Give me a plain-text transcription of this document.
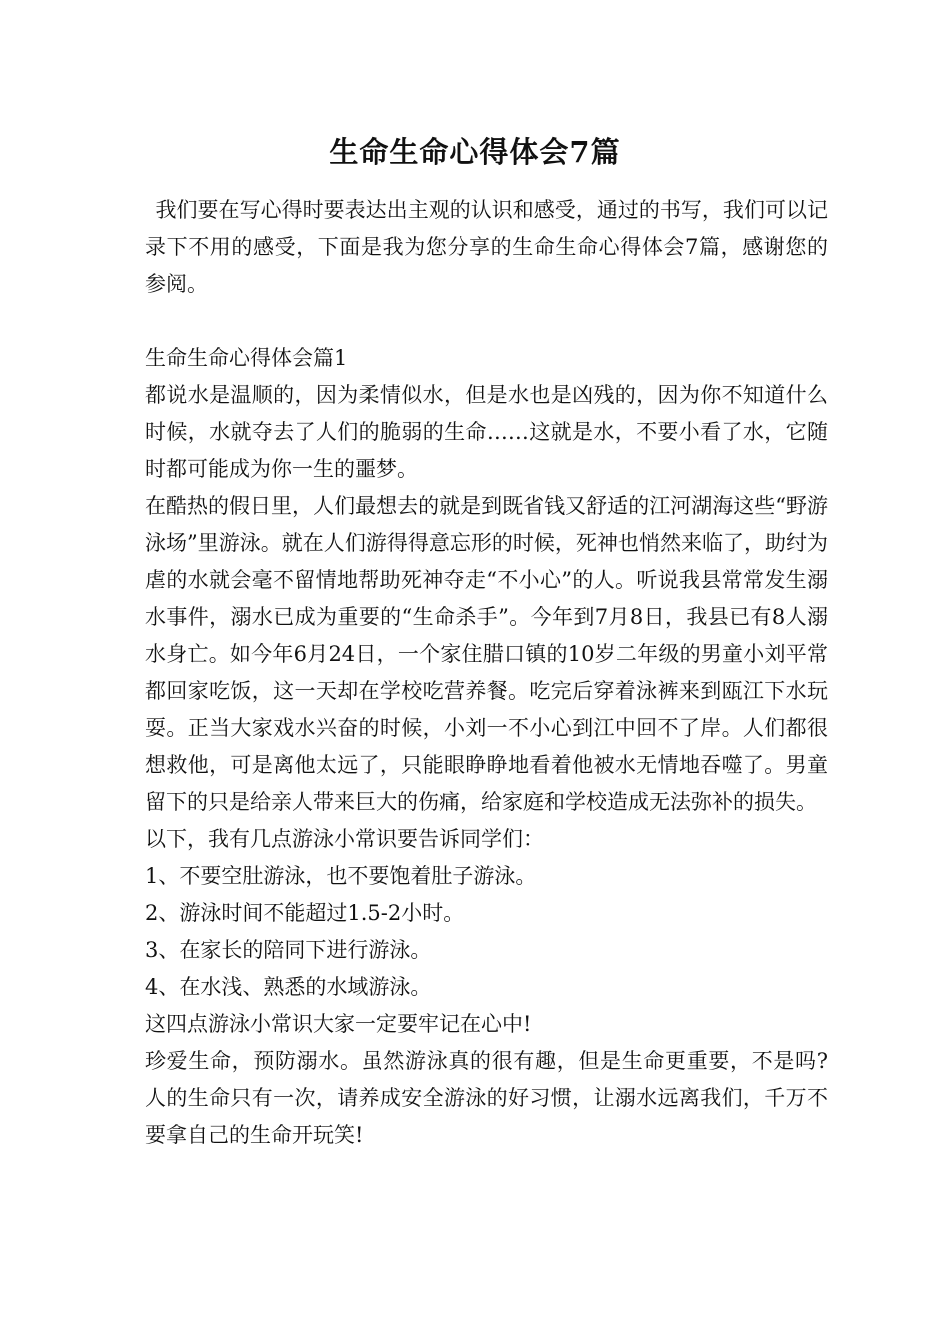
生命生命心得体会7篇

我们要在写心得时要表达出主观的认识和感受，通过的书写，我们可以记录下不用的感受，下面是我为您分享的生命生命心得体会7篇，感谢您的参阅。

生命生命心得体会篇1

都说水是温顺的，因为柔情似水，但是水也是凶残的，因为你不知道什么时候，水就夺去了人们的脆弱的生命……这就是水，不要小看了水，它随时都可能成为你一生的噩梦。

在酷热的假日里，人们最想去的就是到既省钱又舒适的江河湖海这些“野游泳场”里游泳。就在人们游得得意忘形的时候，死神也悄然来临了，助纣为虐的水就会毫不留情地帮助死神夺走“不小心”的人。听说我县常常发生溺水事件，溺水已成为重要的“生命杀手”。今年到7月8日，我县已有8人溺水身亡。如今年6月24日，一个家住腊口镇的10岁二年级的男童小刘平常都回家吃饭，这一天却在学校吃营养餐。吃完后穿着泳裤来到瓯江下水玩耍。正当大家戏水兴奋的时候，小刘一不小心到江中回不了岸。人们都很想救他，可是离他太远了，只能眼睁睁地看着他被水无情地吞噬了。男童留下的只是给亲人带来巨大的伤痛，给家庭和学校造成无法弥补的损失。

以下，我有几点游泳小常识要告诉同学们：

1、不要空肚游泳，也不要饱着肚子游泳。

2、游泳时间不能超过1.5-2小时。

3、在家长的陪同下进行游泳。

4、在水浅、熟悉的水域游泳。

这四点游泳小常识大家一定要牢记在心中!

珍爱生命，预防溺水。虽然游泳真的很有趣，但是生命更重要，不是吗?人的生命只有一次，请养成安全游泳的好习惯，让溺水远离我们，千万不要拿自己的生命开玩笑!
